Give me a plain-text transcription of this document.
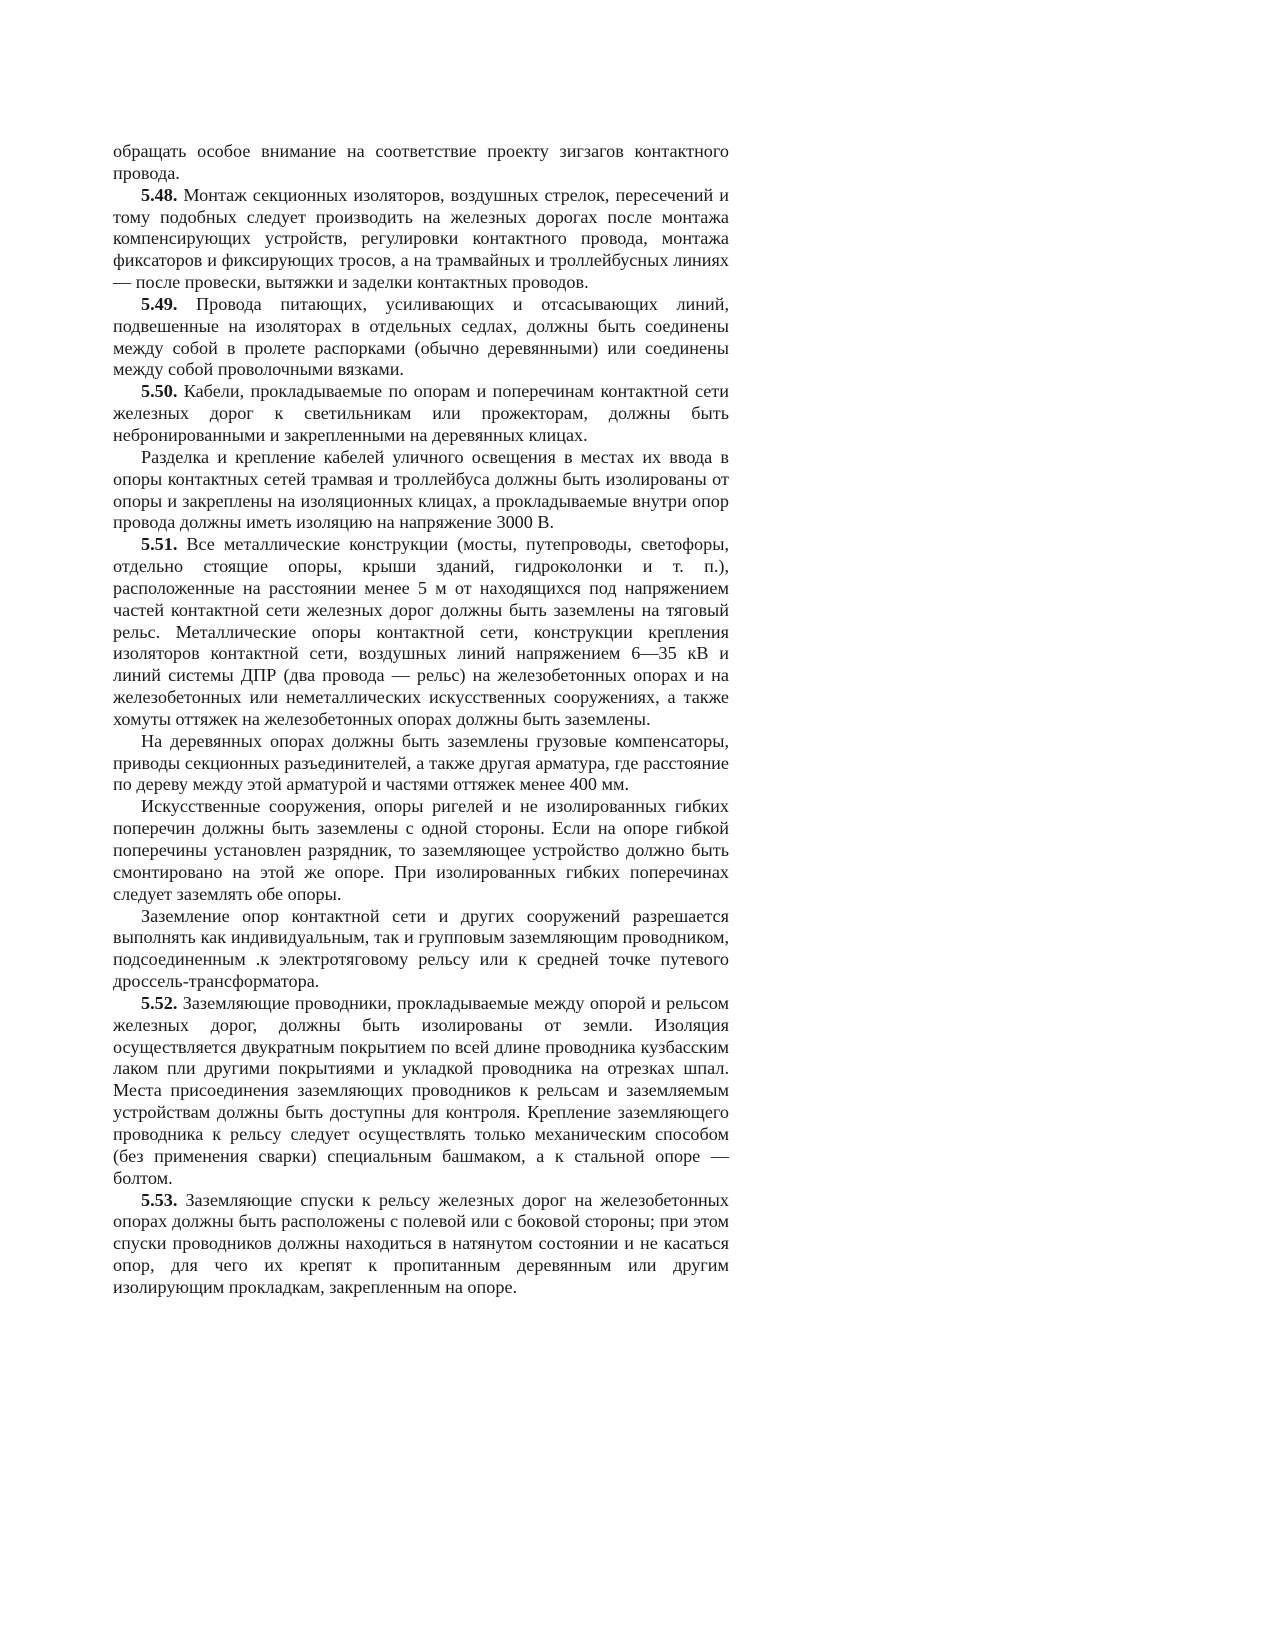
обращать особое внимание на соответствие проекту зигзагов контактного провода.

5.48. Монтаж секционных изоляторов, воздушных стрелок, пересечений и тому подобных следует производить на железных дорогах после монтажа компенсирующих устройств, регулировки контактного провода, монтажа фиксаторов и фиксирующих тросов, а на трамвайных и троллейбусных линиях — после провески, вытяжки и заделки контактных проводов.

5.49. Провода питающих, усиливающих и отсасывающих линий, подвешенные на изоляторах в отдельных седлах, должны быть соединены между собой в пролете распорками (обычно деревянными) или соединены между собой проволочными вязками.

5.50. Кабели, прокладываемые по опорам и поперечинам контактной сети железных дорог к светильникам или прожекторам, должны быть небронированными и закрепленными на деревянных клицах.

Разделка и крепление кабелей уличного освещения в местах их ввода в опоры контактных сетей трамвая и троллейбуса должны быть изолированы от опоры и закреплены на изоляционных клицах, а прокладываемые внутри опор провода должны иметь изоляцию на напряжение 3000 В.

5.51. Все металлические конструкции (мосты, путепроводы, светофоры, отдельно стоящие опоры, крыши зданий, гидроколонки и т. п.), расположенные на расстоянии менее 5 м от находящихся под напряжением частей контактной сети железных дорог должны быть заземлены на тяговый рельс. Металлические опоры контактной сети, конструкции крепления изоляторов контактной сети, воздушных линий напряжением 6—35 кВ и линий системы ДПР (два провода — рельс) на железобетонных опорах и на железобетонных или неметаллических искусственных сооружениях, а также хомуты оттяжек на железобетонных опорах должны быть заземлены.

На деревянных опорах должны быть заземлены грузовые компенсаторы, приводы секционных разъединителей, а также другая арматура, где расстояние по дереву между этой арматурой и частями оттяжек менее 400 мм.

Искусственные сооружения, опоры ригелей и не изолированных гибких поперечин должны быть заземлены с одной стороны. Если на опоре гибкой поперечины установлен разрядник, то заземляющее устройство должно быть смонтировано на этой же опоре. При изолированных гибких поперечинах следует заземлять обе опоры.

Заземление опор контактной сети и других сооружений разрешается выполнять как индивидуальным, так и групповым заземляющим проводником, подсоединенным .к электротяговому рельсу или к средней точке путевого дроссель-трансформатора.

5.52. Заземляющие проводники, прокладываемые между опорой и рельсом железных дорог, должны быть изолированы от земли. Изоляция осуществляется двукратным покрытием по всей длине проводника кузбасским лаком пли другими покрытиями и укладкой проводника на отрезках шпал. Места присоединения заземляющих проводников к рельсам и заземляемым устройствам должны быть доступны для контроля. Крепление заземляющего проводника к рельсу следует осуществлять только механическим способом (без применения сварки) специальным башмаком, а к стальной опоре — болтом.

5.53. Заземляющие спуски к рельсу железных дорог на железобетонных опорах должны быть расположены с полевой или с боковой стороны; при этом спуски проводников должны находиться в натянутом состоянии и не касаться опор, для чего их крепят к пропитанным деревянным или другим изолирующим прокладкам, закрепленным на опоре.
